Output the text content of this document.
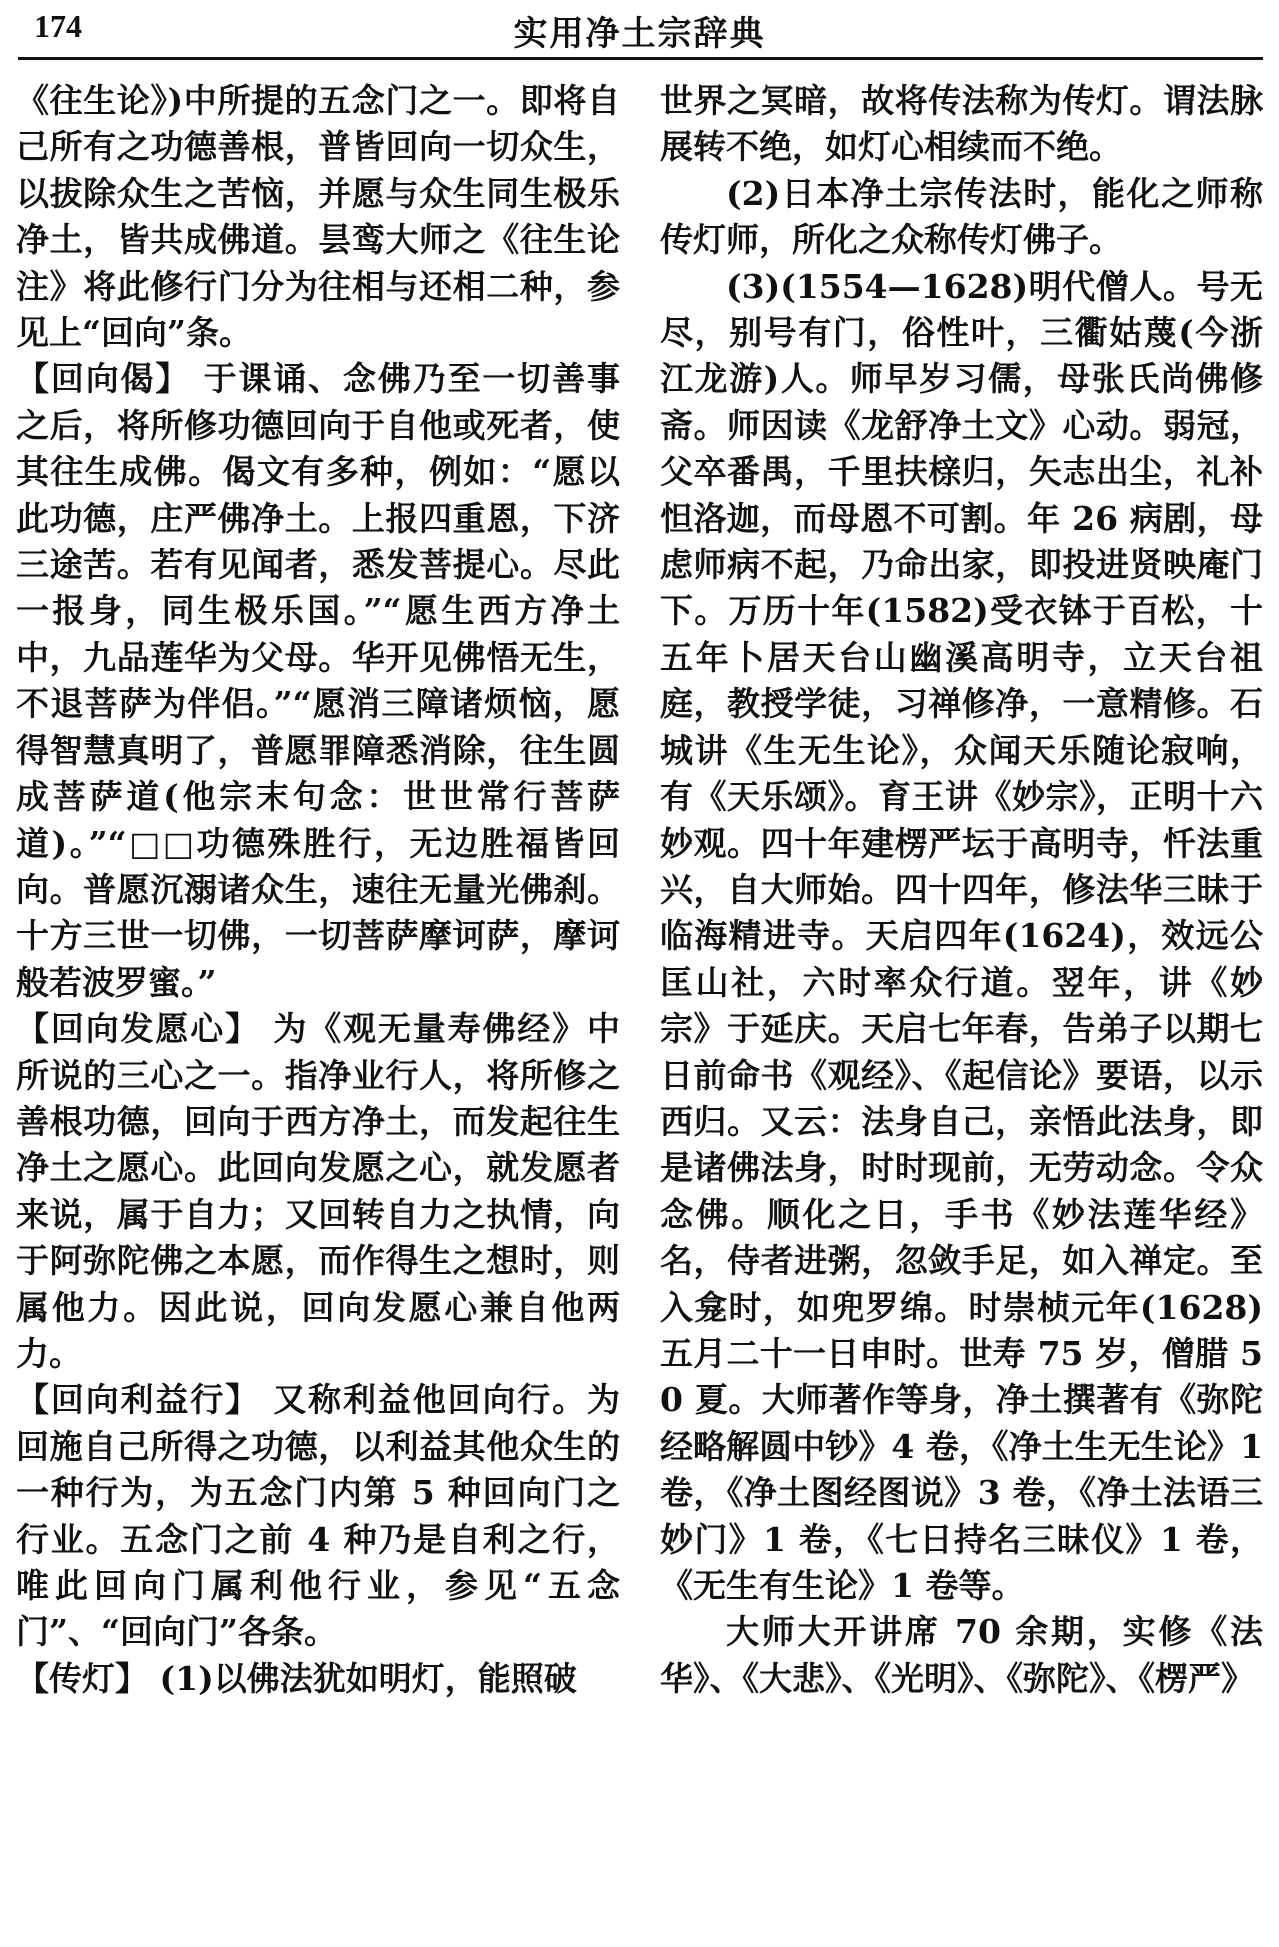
174	实用净土宗辞典

《往生论》)中所提的五念门之一。即将自己所有之功德善根，普皆回向一切众生，以拔除众生之苦恼，并愿与众生同生极乐净土，皆共成佛道。昙鸾大师之《往生论注》将此修行门分为往相与还相二种，参见上“回向”条。

【回向偈】 于课诵、念佛乃至一切善事之后，将所修功德回向于自他或死者，使其往生成佛。偈文有多种，例如：“愿以此功德，庄严佛净土。上报四重恩，下济三途苦。若有见闻者，悉发菩提心。尽此一报身，同生极乐国。”“愿生西方净土中，九品莲华为父母。华开见佛悟无生，不退菩萨为伴侣。”“愿消三障诸烦恼，愿得智慧真明了，普愿罪障悉消除，往生圆成菩萨道(他宗末句念：世世常行菩萨道)。”“□□功德殊胜行，无边胜福皆回向。普愿沉溺诸众生，速往无量光佛刹。十方三世一切佛，一切菩萨摩诃萨，摩诃般若波罗蜜。”

【回向发愿心】 为《观无量寿佛经》中所说的三心之一。指净业行人，将所修之善根功德，回向于西方净土，而发起往生净土之愿心。此回向发愿之心，就发愿者来说，属于自力；又回转自力之执情，向于阿弥陀佛之本愿，而作得生之想时，则属他力。因此说，回向发愿心兼自他两力。

【回向利益行】 又称利益他回向行。为回施自己所得之功德，以利益其他众生的一种行为，为五念门内第 5 种回向门之行业。五念门之前 4 种乃是自利之行，唯此回向门属利他行业，参见“五念门”、“回向门”各条。

【传灯】 (1)以佛法犹如明灯，能照破

世界之冥暗，故将传法称为传灯。谓法脉展转不绝，如灯心相续而不绝。

(2)日本净土宗传法时，能化之师称传灯师，所化之众称传灯佛子。

(3)(1554—1628)明代僧人。号无尽，别号有门，俗性叶，三衢姑蔑(今浙江龙游)人。师早岁习儒，母张氏尚佛修斋。师因读《龙舒净土文》心动。弱冠，父卒番禺，千里扶榇归，矢志出尘，礼补怛洛迦，而母恩不可割。年 26 病剧，母虑师病不起，乃命出家，即投进贤映庵门下。万历十年(1582)受衣钵于百松，十五年卜居天台山幽溪高明寺，立天台祖庭，教授学徒，习禅修净，一意精修。石城讲《生无生论》，众闻天乐随论寂响，有《天乐颂》。育王讲《妙宗》，正明十六妙观。四十年建楞严坛于高明寺，忏法重兴，自大师始。四十四年，修法华三昧于临海精进寺。天启四年(1624)，效远公匡山社，六时率众行道。翌年，讲《妙宗》于延庆。天启七年春，告弟子以期七日前命书《观经》、《起信论》要语，以示西归。又云：法身自己，亲悟此法身，即是诸佛法身，时时现前，无劳动念。令众念佛。顺化之日，手书《妙法莲华经》名，侍者进粥，忽敛手足，如入禅定。至入龛时，如兜罗绵。时崇桢元年(1628)五月二十一日申时。世寿 75 岁，僧腊 50 夏。大师著作等身，净土撰著有《弥陀经略解圆中钞》4 卷，《净土生无生论》1 卷，《净土图经图说》3 卷，《净土法语三妙门》1 卷，《七日持名三昧仪》1 卷，《无生有生论》1 卷等。

大师大开讲席 70 余期，实修《法华》、《大悲》、《光明》、《弥陀》、《楞严》
